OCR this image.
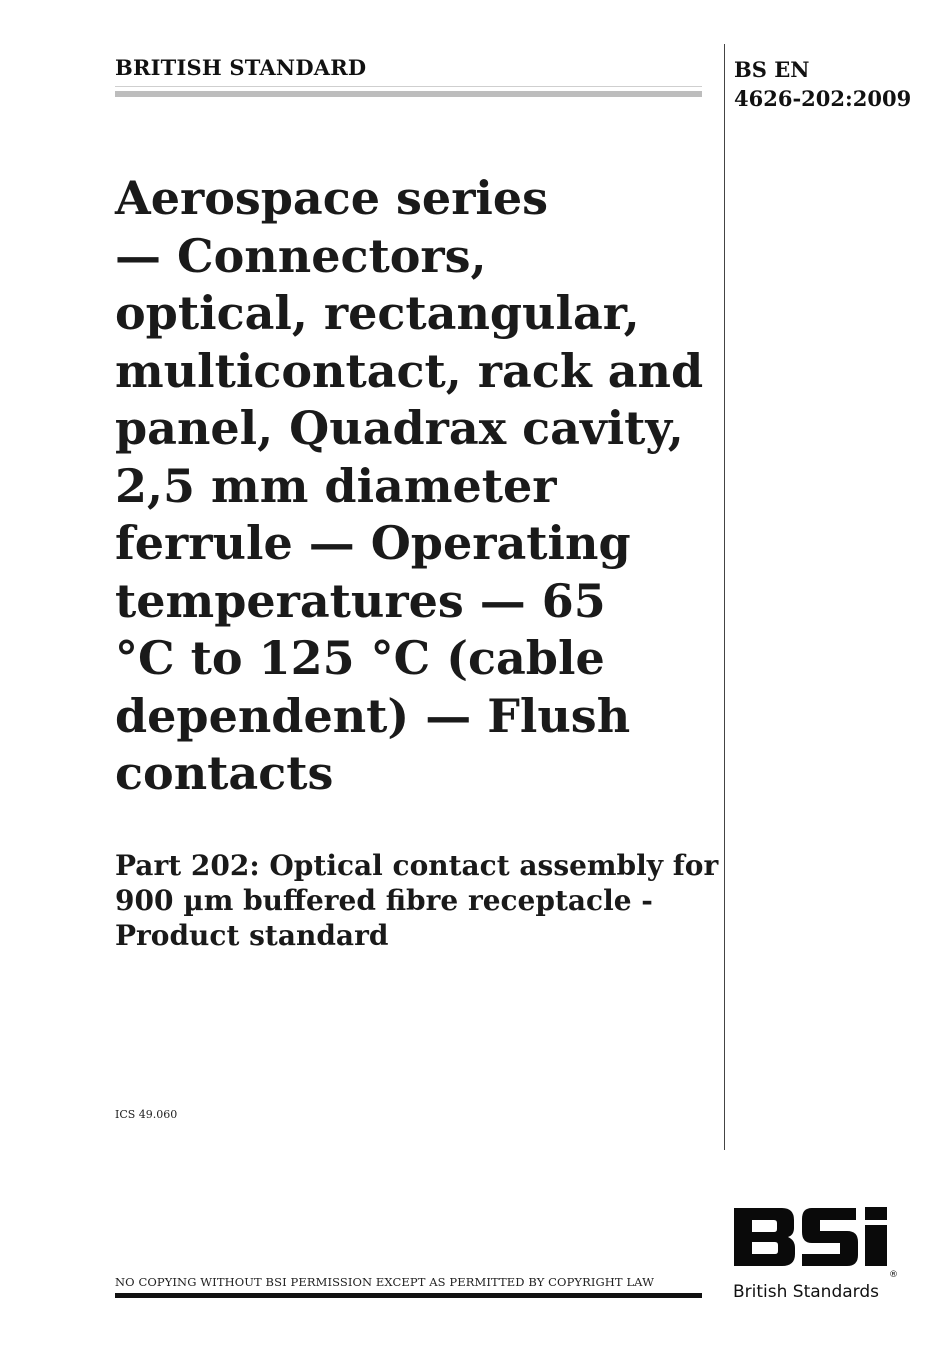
BRITISH STANDARD	BS EN
4626-202:2009
Aerospace series
— Connectors,
optical, rectangular,
multicontact, rack and
panel, Quadrax cavity,
2,5 mm diameter
ferrule — Operating
temperatures — 65
°C to 125 °C (cable
dependent) — Flush
contacts
Part 202: Optical contact assembly for
900 µm buffered fibre receptacle -
Product standard
ICS 49.060
NO COPYING WITHOUT BSI PERMISSION EXCEPT AS PERMITTED BY COPYRIGHT LAW	®
British Standards
